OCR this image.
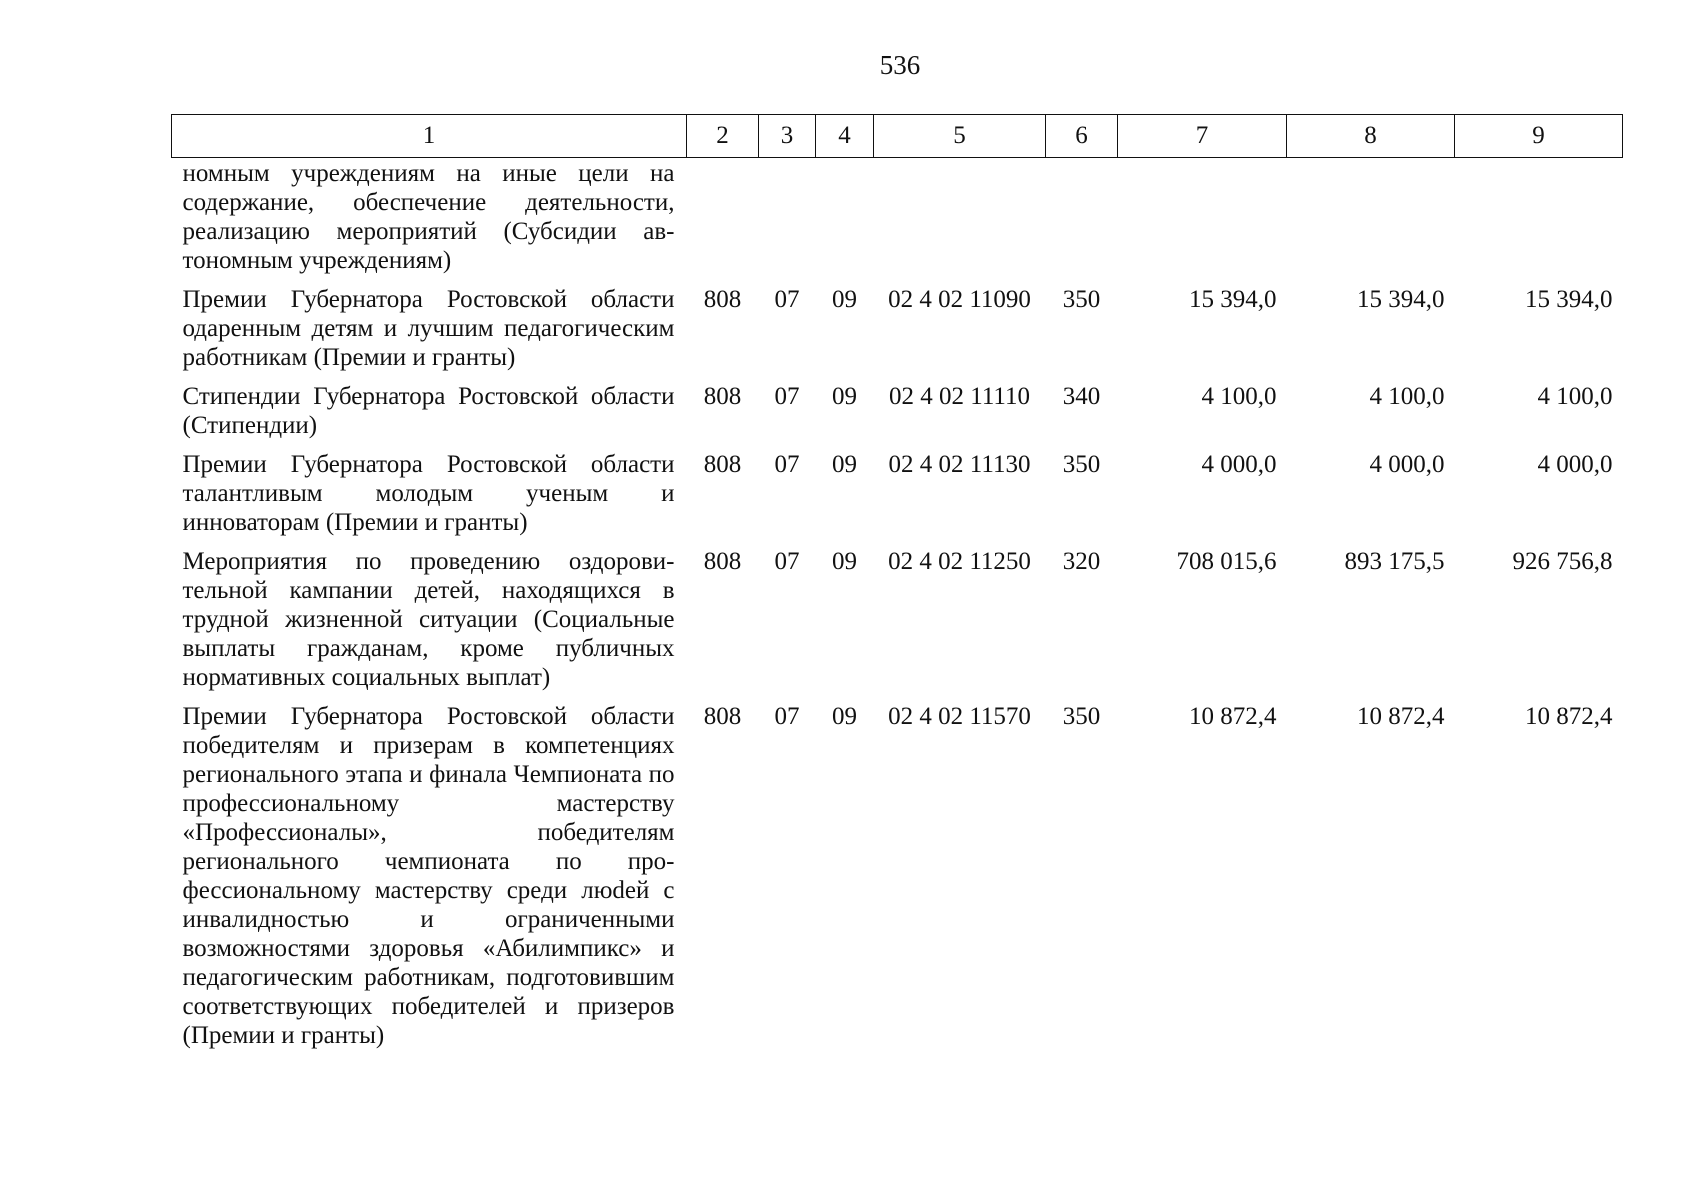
536
1	2	3	4	5	6	7	8	9
номным учреждениям на иные цели на содержание, обеспечение деятельности, реализацию мероприятий (Субсидии автономным учреждениям)								
Премии Губернатора Ростовской области одаренным детям и лучшим педагогическим работникам (Премии и гранты)	808	07	09	02 4 02 11090	350	15 394,0	15 394,0	15 394,0
Стипендии Губернатора Ростовской области (Стипендии)	808	07	09	02 4 02 11110	340	4 100,0	4 100,0	4 100,0
Премии Губернатора Ростовской области талантливым молодым ученым и инноваторам (Премии и гранты)	808	07	09	02 4 02 11130	350	4 000,0	4 000,0	4 000,0
Мероприятия по проведению оздоровительной кампании детей, находящихся в трудной жизненной ситуации (Социальные выплаты гражданам, кроме публичных нормативных социальных выплат)	808	07	09	02 4 02 11250	320	708 015,6	893 175,5	926 756,8
Премии Губернатора Ростовской области победителям и призерам в компетенциях регионального этапа и финала Чемпионата по профессиональному мастерству «Профессионалы», победителям регионального чемпионата по профессиональному мастерству среди люdей с инвалидностью и ограниченными возможностями здоровья «Абилимпикс» и педагогическим работникам, подготовившим соответствующих победителей и призеров (Премии и гранты)	808	07	09	02 4 02 11570	350	10 872,4	10 872,4	10 872,4
